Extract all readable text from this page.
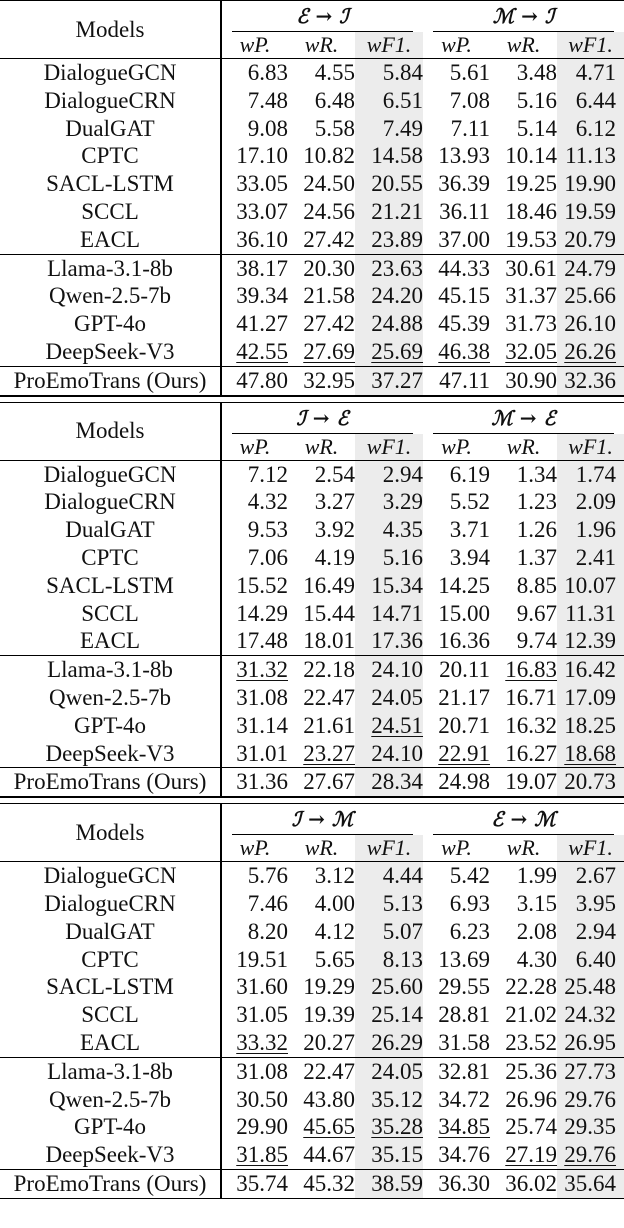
Models	ℰ → ℐ			ℳ → ℐ		

	wP.	wR.	wF1.	wP.	wR.	wF1.
DialogueGCN	6.83	4.55	5.84	5.61	3.48	4.71
DialogueCRN	7.48	6.48	6.51	7.08	5.16	6.44
DualGAT	9.08	5.58	7.49	7.11	5.14	6.12
CPTC	17.10	10.82	14.58	13.93	10.14	11.13
SACL-LSTM	33.05	24.50	20.55	36.39	19.25	19.90
SCCL	33.07	24.56	21.21	36.11	18.46	19.59
EACL	36.10	27.42	23.89	37.00	19.53	20.79
Llama-3.1-8b	38.17	20.30	23.63	44.33	30.61	24.79
Qwen-2.5-7b	39.34	21.58	24.20	45.15	31.37	25.66
GPT-4o	41.27	27.42	24.88	45.39	31.73	26.10
DeepSeek-V3	42.55	27.69	25.69	46.38	32.05	26.26
ProEmoTrans (Ours)	47.80	32.95	37.27	47.11	30.90	32.36
Models	ℐ → ℰ			ℳ → ℰ		

	wP.	wR.	wF1.	wP.	wR.	wF1.
DialogueGCN	7.12	2.54	2.94	6.19	1.34	1.74
DialogueCRN	4.32	3.27	3.29	5.52	1.23	2.09
DualGAT	9.53	3.92	4.35	3.71	1.26	1.96
CPTC	7.06	4.19	5.16	3.94	1.37	2.41
SACL-LSTM	15.52	16.49	15.34	14.25	8.85	10.07
SCCL	14.29	15.44	14.71	15.00	9.67	11.31
EACL	17.48	18.01	17.36	16.36	9.74	12.39
Llama-3.1-8b	31.32	22.18	24.10	20.11	16.83	16.42
Qwen-2.5-7b	31.08	22.47	24.05	21.17	16.71	17.09
GPT-4o	31.14	21.61	24.51	20.71	16.32	18.25
DeepSeek-V3	31.01	23.27	24.10	22.91	16.27	18.68
ProEmoTrans (Ours)	31.36	27.67	28.34	24.98	19.07	20.73
Models	ℐ → ℳ			ℰ → ℳ		

	wP.	wR.	wF1.	wP.	wR.	wF1.
DialogueGCN	5.76	3.12	4.44	5.42	1.99	2.67
DialogueCRN	7.46	4.00	5.13	6.93	3.15	3.95
DualGAT	8.20	4.12	5.07	6.23	2.08	2.94
CPTC	19.51	5.65	8.13	13.69	4.30	6.40
SACL-LSTM	31.60	19.29	25.60	29.55	22.28	25.48
SCCL	31.05	19.39	25.14	28.81	21.02	24.32
EACL	33.32	20.27	26.29	31.58	23.52	26.95
Llama-3.1-8b	31.08	22.47	24.05	32.81	25.36	27.73
Qwen-2.5-7b	30.50	43.80	35.12	34.72	26.96	29.76
GPT-4o	29.90	45.65	35.28	34.85	25.74	29.35
DeepSeek-V3	31.85	44.67	35.15	34.76	27.19	29.76
ProEmoTrans (Ours)	35.74	45.32	38.59	36.30	36.02	35.64
